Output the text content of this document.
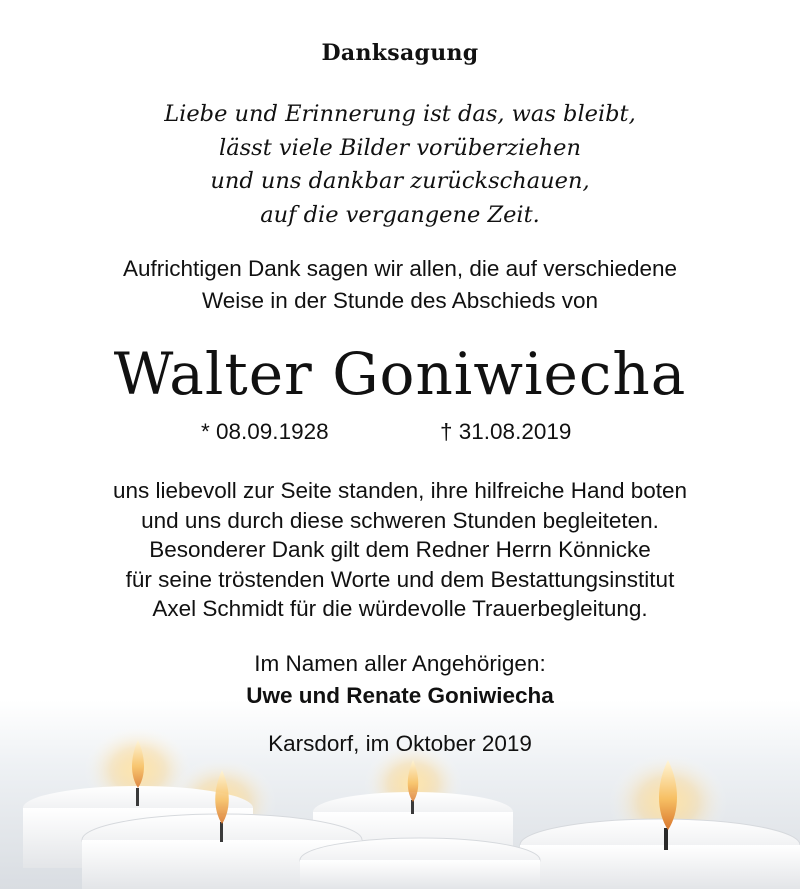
Danksagung
Liebe und Erinnerung ist das, was bleibt,
lässt viele Bilder vorüberziehen
und uns dankbar zurückschauen,
auf die vergangene Zeit.
Aufrichtigen Dank sagen wir allen, die auf verschiedene
Weise in der Stunde des Abschieds von
Walter Goniwiecha
* 08.09.1928	† 31.08.2019
uns liebevoll zur Seite standen, ihre hilfreiche Hand boten
und uns durch diese schweren Stunden begleiteten.
Besonderer Dank gilt dem Redner Herrn Könnicke
für seine tröstenden Worte und dem Bestattungsinstitut
Axel Schmidt für die würdevolle Trauerbegleitung.
Im Namen aller Angehörigen:
Uwe und Renate Goniwiecha
Karsdorf, im Oktober 2019
